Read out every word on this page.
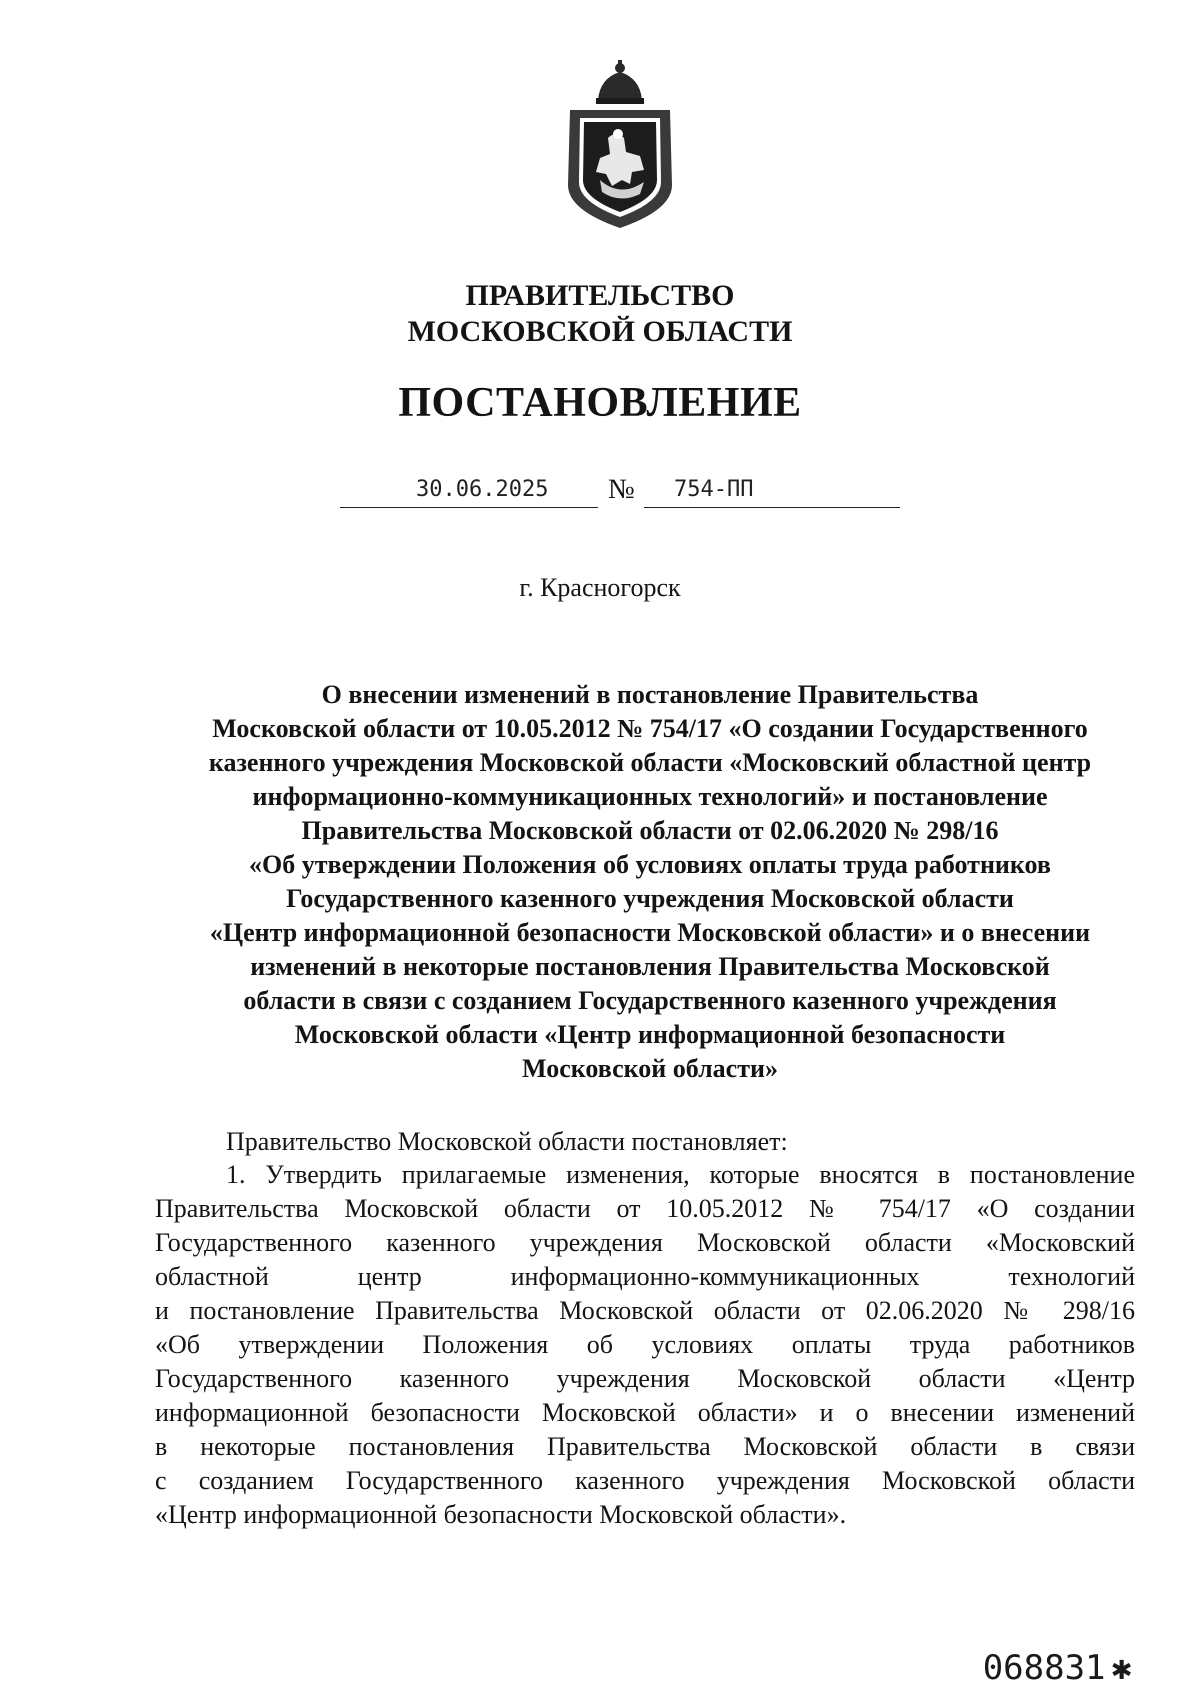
ПРАВИТЕЛЬСТВО
МОСКОВСКОЙ ОБЛАСТИ
ПОСТАНОВЛЕНИЕ
30.06.2025 № 754-ПП
г. Красногорск
О внесении изменений в постановление Правительства
Московской области от 10.05.2012 № 754/17 «О создании Государственного
казенного учреждения Московской области «Московский областной центр
информационно-коммуникационных технологий» и постановление
Правительства Московской области от 02.06.2020 № 298/16
«Об утверждении Положения об условиях оплаты труда работников
Государственного казенного учреждения Московской области
«Центр информационной безопасности Московской области» и о внесении
изменений в некоторые постановления Правительства Московской
области в связи с созданием Государственного казенного учреждения
Московской области «Центр информационной безопасности
Московской области»
Правительство Московской области постановляет:
1. Утвердить прилагаемые изменения, которые вносятся в постановление
Правительства Московской области от 10.05.2012 № 754/17 «О создании
Государственного казенного учреждения Московской области «Московский
областной центр информационно-коммуникационных технологий
и постановление Правительства Московской области от 02.06.2020 № 298/16
«Об утверждении Положения об условиях оплаты труда работников
Государственного казенного учреждения Московской области «Центр
информационной безопасности Московской области» и о внесении изменений
в некоторые постановления Правительства Московской области в связи
с созданием Государственного казенного учреждения Московской области
«Центр информационной безопасности Московской области».
068831 ✱
